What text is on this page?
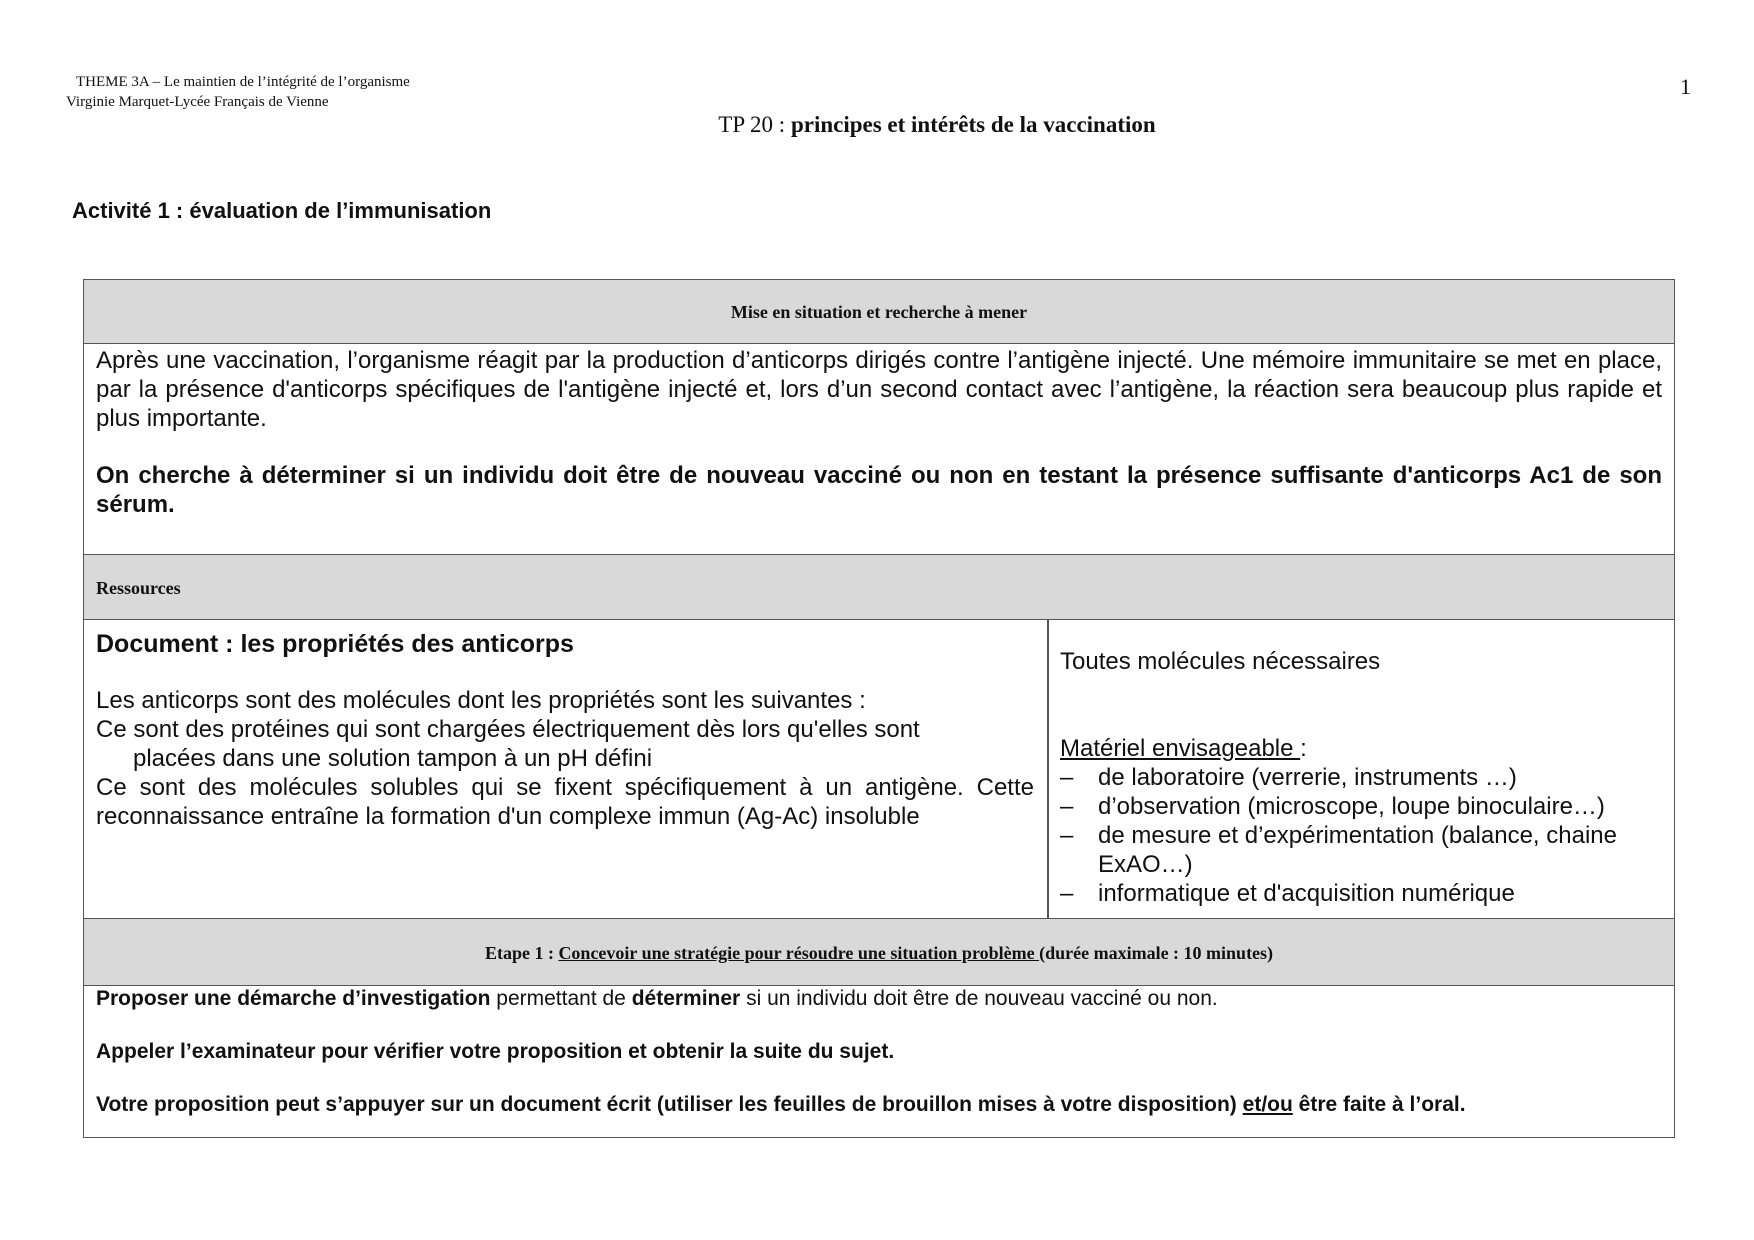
THEME 3A – Le maintien de l’intégrité de l’organisme
Virginie Marquet-Lycée Français de Vienne
1
TP 20 : principes et intérêts de la vaccination
Activité 1 : évaluation de l’immunisation
Mise en situation et recherche à mener

Après une vaccination, l’organisme réagit par la production d’anticorps dirigés contre l’antigène injecté. Une mémoire immunitaire se met en place, par la présence d'anticorps spécifiques de l'antigène injecté et, lors d’un second contact avec l’antigène, la réaction sera beaucoup plus rapide et plus importante.

On cherche à déterminer si un individu doit être de nouveau vacciné ou non en testant la présence suffisante d'anticorps Ac1 de son sérum.

Ressources
Document : les propriétés des anticorps
Les anticorps sont des molécules dont les propriétés sont les suivantes :
Ce sont des protéines qui sont chargées électriquement dès lors qu'elles sont
placées dans une solution tampon à un pH défini
Ce sont des molécules solubles qui se fixent spécifiquement à un antigène. Cette
reconnaissance entraîne la formation d'un complexe immun (Ag-Ac) insoluble
Toutes molécules nécessaires
Matériel envisageable :
– de laboratoire (verrerie, instruments …)
– d’observation (microscope, loupe binoculaire…)
– de mesure et d’expérimentation (balance, chaine ExAO…)
– informatique et d'acquisition numérique
Etape 1 : Concevoir une stratégie pour résoudre une situation problème (durée maximale : 10 minutes)

Proposer une démarche d’investigation permettant de déterminer si un individu doit être de nouveau vacciné ou non.

Appeler l’examinateur pour vérifier votre proposition et obtenir la suite du sujet.

Votre proposition peut s’appuyer sur un document écrit (utiliser les feuilles de brouillon mises à votre disposition) et/ou être faite à l’oral.
